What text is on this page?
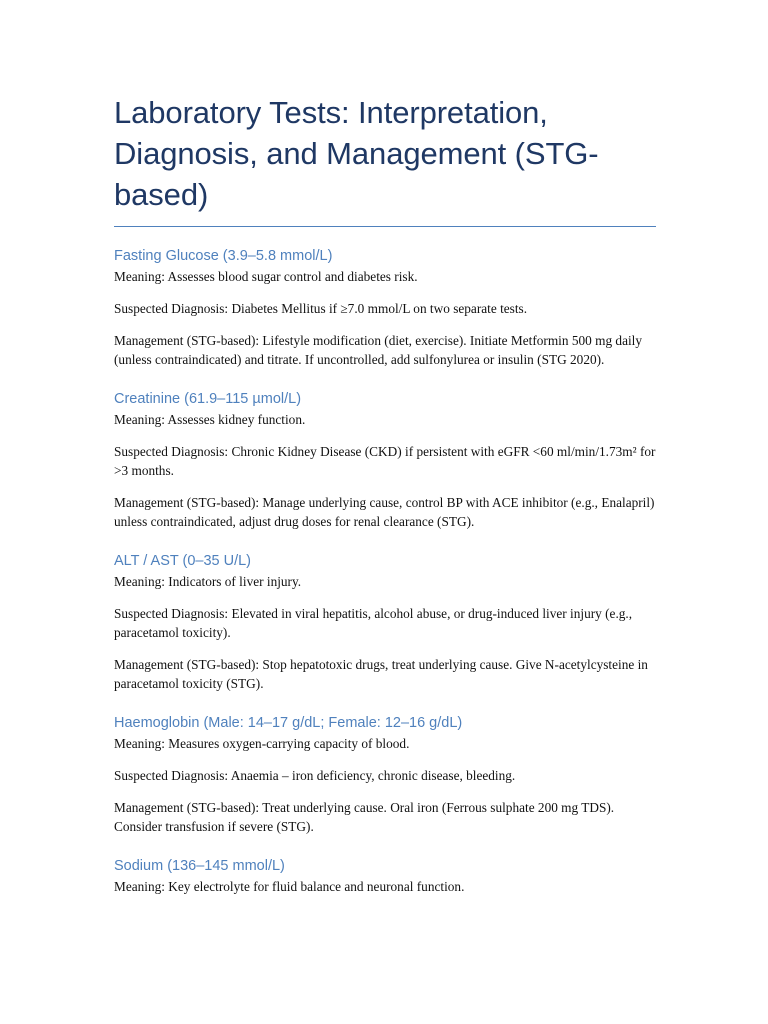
Laboratory Tests: Interpretation, Diagnosis, and Management (STG-based)
Fasting Glucose (3.9–5.8 mmol/L)

Meaning: Assesses blood sugar control and diabetes risk.

Suspected Diagnosis: Diabetes Mellitus if ≥7.0 mmol/L on two separate tests.

Management (STG-based): Lifestyle modification (diet, exercise). Initiate Metformin 500 mg daily (unless contraindicated) and titrate. If uncontrolled, add sulfonylurea or insulin (STG 2020).

Creatinine (61.9–115 µmol/L)

Meaning: Assesses kidney function.

Suspected Diagnosis: Chronic Kidney Disease (CKD) if persistent with eGFR <60 ml/min/1.73m² for >3 months.

Management (STG-based): Manage underlying cause, control BP with ACE inhibitor (e.g., Enalapril) unless contraindicated, adjust drug doses for renal clearance (STG).

ALT / AST (0–35 U/L)

Meaning: Indicators of liver injury.

Suspected Diagnosis: Elevated in viral hepatitis, alcohol abuse, or drug-induced liver injury (e.g., paracetamol toxicity).

Management (STG-based): Stop hepatotoxic drugs, treat underlying cause. Give N-acetylcysteine in paracetamol toxicity (STG).

Haemoglobin (Male: 14–17 g/dL; Female: 12–16 g/dL)

Meaning: Measures oxygen-carrying capacity of blood.

Suspected Diagnosis: Anaemia – iron deficiency, chronic disease, bleeding.

Management (STG-based): Treat underlying cause. Oral iron (Ferrous sulphate 200 mg TDS). Consider transfusion if severe (STG).

Sodium (136–145 mmol/L)

Meaning: Key electrolyte for fluid balance and neuronal function.
